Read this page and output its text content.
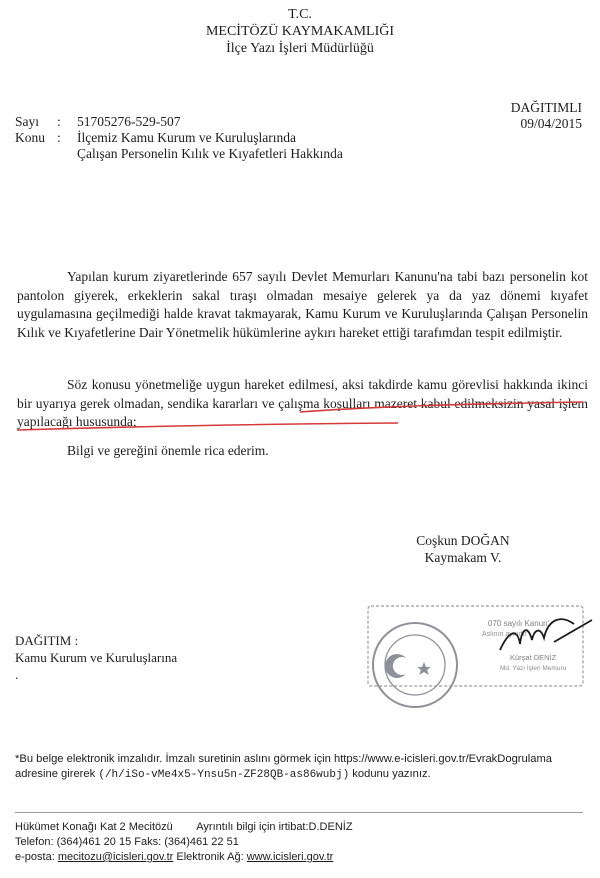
T.C.
MECİTÖZÜ KAYMAKAMLIĞI
İlçe Yazı İşleri Müdürlüğü
DAĞITIMLI
09/04/2015
Sayı	:	51705276-529-507
Konu :	İlçemiz Kamu Kurum ve Kuruluşlarında
Çalışan Personelin Kılık ve Kıyafetleri Hakkında
Yapılan kurum ziyaretlerinde 657 sayılı Devlet Memurları Kanunu'na tabi bazı personelin kot pantolon giyerek, erkeklerin sakal tıraşı olmadan mesaiye gelerek ya da yaz dönemi kıyafet uygulamasına geçilmediği halde kravat takmayarak, Kamu Kurum ve Kuruluşlarında Çalışan Personelin Kılık ve Kıyafetlerine Dair Yönetmelik hükümlerine aykırı hareket ettiği tarafımdan tespit edilmiştir.
Söz konusu yönetmeliğe uygun hareket edilmesi, aksi takdirde kamu görevlisi hakkında ikinci bir uyarıya gerek olmadan, sendika kararları ve çalışma koşulları mazeret kabul edilmeksizin yasal işlem yapılacağı hususunda;
Bilgi ve gereğini önemle rica ederim.
Coşkun DOĞAN
Kaymakam V.
DAĞITIM :
Kamu Kurum ve Kuruluşlarına
.
070 sayılı Kanun'
Aslının aynıdır
Kürşat DENİZ
Md. Yazı İşleri Memuru
*Bu belge elektronik imzalıdır. İmzalı suretinin aslını görmek için https://www.e-icisleri.gov.tr/EvrakDogrulama
adresine girerek (/h/iSo-vMe4x5-Ynsu5n-ZF28QB-as86wubj) kodunu yazınız.
Hükümet Konağı Kat 2 Mecitözü Ayrıntılı bilgi için irtibat:D.DENİZ
Telefon: (364)461 20 15 Faks: (364)461 22 51
e-posta: mecitozu@icisleri.gov.tr Elektronik Ağ: www.icisleri.gov.tr
